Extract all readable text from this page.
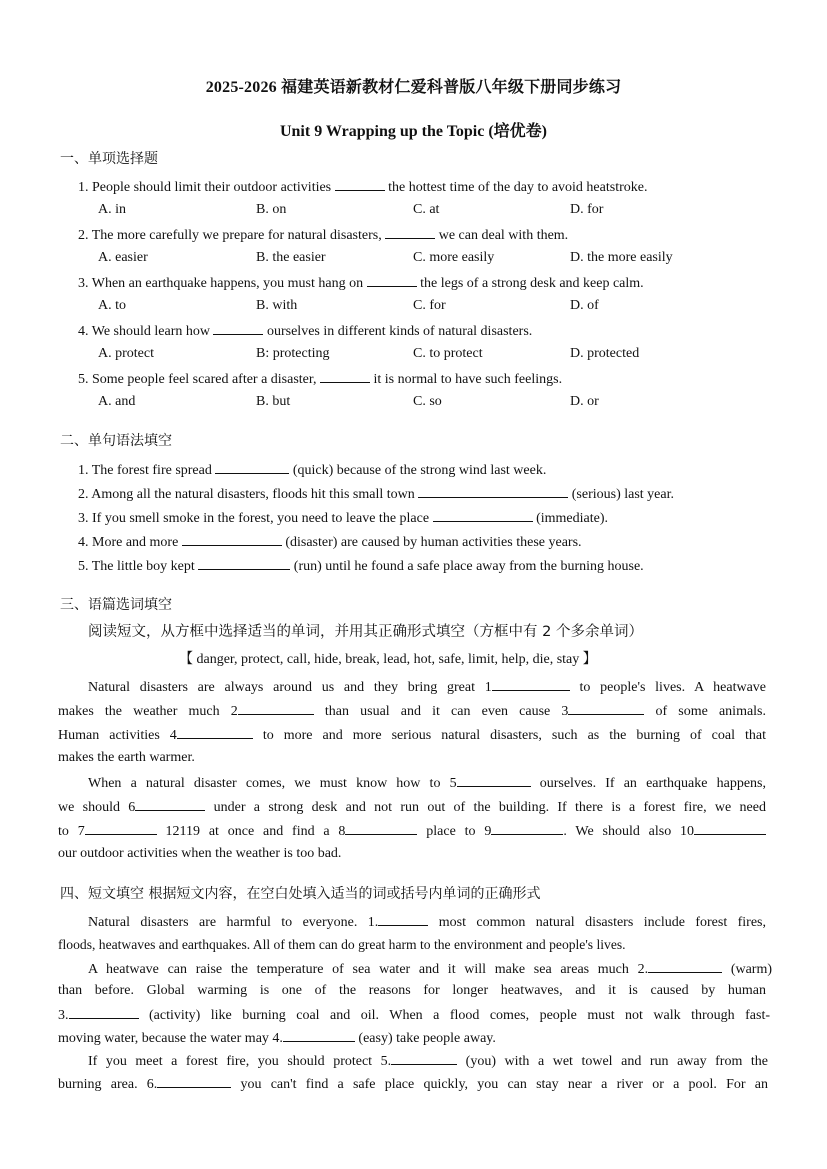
2025-2026 福建英语新教材仁爱科普版八年级下册同步练习
Unit 9 Wrapping up the Topic (培优卷)
一、单项选择题
1. People should limit their outdoor activities	the hottest time of the day to avoid heatstroke.
A. in	B. on	C. at	D. for
2. The more carefully we prepare for natural disasters,	we can deal with them.
A. easier	B. the easier	C. more easily	D. the more easily
3. When an earthquake happens, you must hang on	the legs of a strong desk and keep calm.
A. to	B. with	C. for	D. of
4. We should learn how	ourselves in different kinds of natural disasters.
A. protect	B: protecting	C. to protect	D. protected
5. Some people feel scared after a disaster,	it is normal to have such feelings.
A. and	B. but	C. so	D. or
二、单句语法填空
1. The forest fire spread	(quick) because of the strong wind last week.
2. Among all the natural disasters, floods hit this small town	(serious) last year.
3. If you smell smoke in the forest, you need to leave the place	(immediate).
4. More and more	(disaster) are caused by human activities these years.
5. The little boy kept	(run) until he found a safe place away from the burning house.
三、语篇选词填空
阅读短文，从方框中选择适当的单词，并用其正确形式填空（方框中有 2 个多余单词）
【 danger, protect, call, hide, break, lead, hot, safe, limit, help, die, stay 】
Natural disasters are always around us and they bring great 1	to people's lives. A heatwave
makes the weather much 2	than usual and it can even cause 3	of some animals.
Human activities 4	to more and more serious natural disasters, such as the burning of coal that
makes the earth warmer.
When a natural disaster comes, we must know how to 5	ourselves. If an earthquake happens,
we should 6	under a strong desk and not run out of the building. If there is a forest fire, we need
to 7	12119 at once and find a 8	place to 9	. We should also 10
our outdoor activities when the weather is too bad.
四、短文填空 根据短文内容，在空白处填入适当的词或括号内单词的正确形式
Natural disasters are harmful to everyone. 1.	most common natural disasters include forest fires,
floods, heatwaves and earthquakes. All of them can do great harm to the environment and people's lives.
A heatwave can raise the temperature of sea water and it will make sea areas much 2.	(warm)
than before. Global warming is one of the reasons for longer heatwaves, and it is caused by human
3.	(activity) like burning coal and oil. When a flood comes, people must not walk through fast-
moving water, because the water may 4.	(easy) take people away.
If you meet a forest fire, you should protect 5.	(you) with a wet towel and run away from the
burning area. 6.	you can't find a safe place quickly, you can stay near a river or a pool. For an
